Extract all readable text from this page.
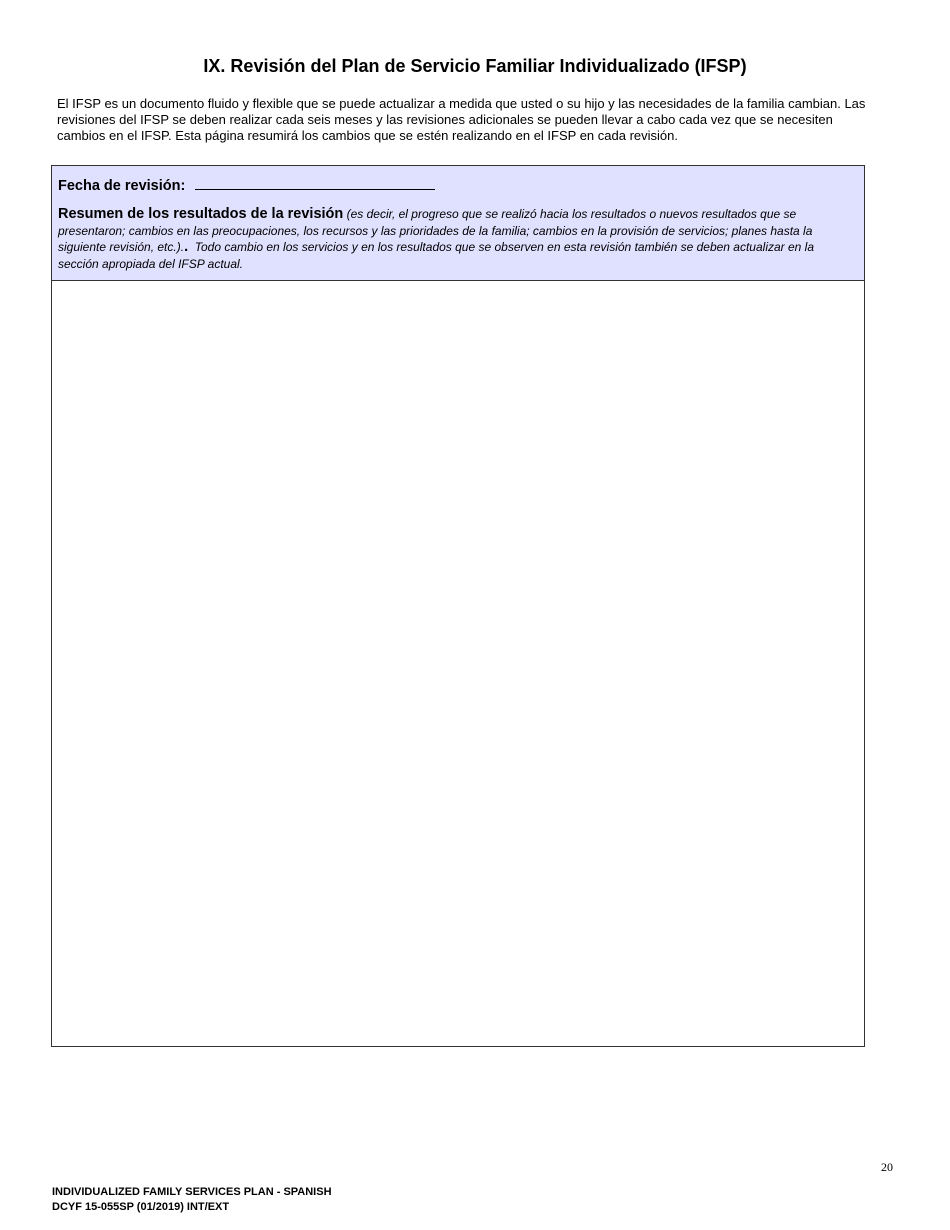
IX. Revisión del Plan de Servicio Familiar Individualizado (IFSP)

El IFSP es un documento fluido y flexible que se puede actualizar a medida que usted o su hijo y las necesidades de la familia cambian. Las revisiones del IFSP se deben realizar cada seis meses y las revisiones adicionales se pueden llevar a cabo cada vez que se necesiten cambios en el IFSP. Esta página resumirá los cambios que se estén realizando en el IFSP en cada revisión.

Fecha de revisión:

Resumen de los resultados de la revisión (es decir, el progreso que se realizó hacia los resultados o nuevos resultados que se presentaron; cambios en las preocupaciones, los recursos y las prioridades de la familia; cambios en la provisión de servicios; planes hasta la siguiente revisión, etc.).. Todo cambio en los servicios y en los resultados que se observen en esta revisión también se deben actualizar en la sección apropiada del IFSP actual.

20
INDIVIDUALIZED FAMILY SERVICES PLAN - SPANISH
DCYF 15-055SP (01/2019) INT/EXT
